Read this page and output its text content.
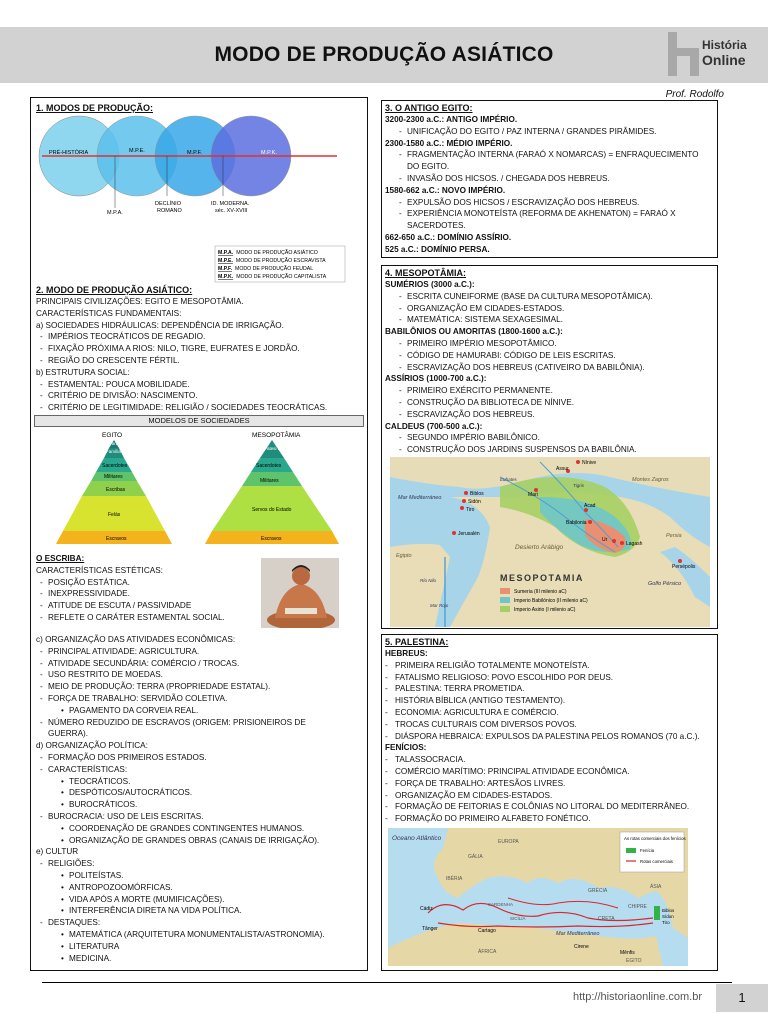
MODO DE PRODUÇÃO ASIÁTICO	História
Online
Prof. Rodolfo
1. MODOS DE PRODUÇÃO:
PRÉ-HISTÓRIA	M.P.E.	M.P.F.	M.P.K.
M.P.A.
DECLÍNIO
ROMANO
ID. MODERNA.
séc. XV-XVIII
M.P.A. MODO DE PRODUÇÃO ASIÁTICO
M.P.E. MODO DE PRODUÇÃO ESCRAVISTA
M.P.F. MODO DE PRODUÇÃO FEUDAL
M.P.K. MODO DE PRODUÇÃO CAPITALISTA
2. MODO DE PRODUÇÃO ASIÁTICO:
PRINCIPAIS CIVILIZAÇÕES: EGITO E MESOPOTÂMIA.
CARACTERÍSTICAS FUNDAMENTAIS:
a) SOCIEDADES HIDRÁULICAS: DEPENDÊNCIA DE IRRIGAÇÃO.
- IMPÉRIOS TEOCRÁTICOS DE REGADIO.
- FIXAÇÃO PRÓXIMA A RIOS: NILO, TIGRE, EUFRATES E JORDÃO.
- REGIÃO DO CRESCENTE FÉRTIL.
b) ESTRUTURA SOCIAL:
- ESTAMENTAL: POUCA MOBILIDADE.
- CRITÉRIO DE DIVISÃO: NASCIMENTO.
- CRITÉRIO DE LEGITIMIDADE: RELIGIÃO / SOCIEDADES TEOCRÁTICAS.
MODELOS DE SOCIEDADES
EGITO
Faraó
Família Real
Sacerdotes
Militares
Escribas
Felás
Escravos
MESOPOTÂMIA
Patesi Imperador
Sacerdotes
Militares
Servos do Estado
Escravos
O ESCRIBA:
CARACTERÍSTICAS ESTÉTICAS:
- POSIÇÃO ESTÁTICA.
- INEXPRESSIVIDADE.
- ATITUDE DE ESCUTA / PASSIVIDADE
- REFLETE O CARÁTER ESTAMENTAL SOCIAL.
c) ORGANIZAÇÃO DAS ATIVIDADES ECONÔMICAS:
- PRINCIPAL ATIVIDADE: AGRICULTURA.
- ATIVIDADE SECUNDÁRIA: COMÉRCIO / TROCAS.
- USO RESTRITO DE MOEDAS.
- MEIO DE PRODUÇÃO: TERRA (PROPRIEDADE ESTATAL).
- FORÇA DE TRABALHO: SERVIDÃO COLETIVA.
• PAGAMENTO DA CORVEIA REAL.
- NÚMERO REDUZIDO DE ESCRAVOS (ORIGEM: PRISIONEIROS DE GUERRA).
d) ORGANIZAÇÃO POLÍTICA:
- FORMAÇÃO DOS PRIMEIROS ESTADOS.
- CARACTERÍSTICAS:
• TEOCRÁTICOS.
• DESPÓTICOS/AUTOCRÁTICOS.
• BUROCRÁTICOS.
- BUROCRACIA: USO DE LEIS ESCRITAS.
• COORDENAÇÃO DE GRANDES CONTINGENTES HUMANOS.
• ORGANIZAÇÃO DE GRANDES OBRAS (CANAIS DE IRRIGAÇÃO).
e) CULTUR
- RELIGIÕES:
• POLITEÍSTAS.
• ANTROPOZOOMÓRFICAS.
• VIDA APÓS A MORTE (MUMIFICAÇÕES).
• INTERFERÊNCIA DIRETA NA VIDA POLÍTICA.
- DESTAQUES:
• MATEMÁTICA (ARQUITETURA MONUMENTALISTA/ASTRONOMIA).
• LITERATURA
• MEDICINA.
3. O ANTIGO EGITO:
3200-2300 a.C.: ANTIGO IMPÉRIO.
- UNIFICAÇÃO DO EGITO / PAZ INTERNA / GRANDES PIRÂMIDES.
2300-1580 a.C.: MÉDIO IMPÉRIO.
- FRAGMENTAÇÃO INTERNA (FARAÓ X NOMARCAS) = ENFRAQUECIMENTO DO EGITO.
- INVASÃO DOS HICSOS. / CHEGADA DOS HEBREUS.
1580-662 a.C.: NOVO IMPÉRIO.
- EXPULSÃO DOS HICSOS / ESCRAVIZAÇÃO DOS HEBREUS.
- EXPERIÊNCIA MONOTEÍSTA (REFORMA DE AKHENATON) = FARAÓ X SACERDOTES.
662-650 a.C.: DOMÍNIO ASSÍRIO.
525 a.C.: DOMÍNIO PERSA.
4. MESOPOTÂMIA:
SUMÉRIOS (3000 a.C.):
- ESCRITA CUNEIFORME (BASE DA CULTURA MESOPOTÂMICA).
- ORGANIZAÇÃO EM CIDADES-ESTADOS.
- MATEMÁTICA: SISTEMA SEXAGESIMAL.
BABILÔNIOS OU AMORITAS (1800-1600 a.C.):
- PRIMEIRO IMPÉRIO MESOPOTÂMICO.
- CÓDIGO DE HAMURABI: CÓDIGO DE LEIS ESCRITAS.
- ESCRAVIZAÇÃO DOS HEBREUS (CATIVEIRO DA BABILÔNIA).
ASSÍRIOS (1000-700 a.C.):
- PRIMEIRO EXÉRCITO PERMANENTE.
- CONSTRUÇÃO DA BIBLIOTECA DE NÍNIVE.
- ESCRAVIZAÇÃO DOS HEBREUS.
CALDEUS (700-500 a.C.):
- SEGUNDO IMPÉRIO BABILÔNICO.
- CONSTRUÇÃO DOS JARDINS SUSPENSOS DA BABILÔNIA.
Nínive
Assur
Mari
Biblos
Sidón
Tiro
Jerusalén
Acad
Babilonia
Ur
Lagash
Persépolis
Mar Mediterráneo
Desierto Arábigo
Egipto
Golfo Pérsico
Persia
Montes Zagros
Eufrates
Tigris
Mar Rojo
Río Nilo	MESOPOTAMIA
Sumeria (III milenio aC)
Imperio Babilónico (II milenio aC)
Imperio Asirio (I milenio aC)
5. PALESTINA:
HEBREUS:
- PRIMEIRA RELIGIÃO TOTALMENTE MONOTEÍSTA.
- FATALISMO RELIGIOSO: POVO ESCOLHIDO POR DEUS.
- PALESTINA: TERRA PROMETIDA.
- HISTÓRIA BÍBLICA (ANTIGO TESTAMENTO).
- ECONOMIA: AGRICULTURA E COMÉRCIO.
- TROCAS CULTURAIS COM DIVERSOS POVOS.
- DIÁSPORA HEBRAICA: EXPULSOS DA PALESTINA PELOS ROMANOS (70 a.C.).
FENÍCIOS:
- TALASSOCRACIA.
- COMÉRCIO MARÍTIMO: PRINCIPAL ATIVIDADE ECONÔMICA.
- FORÇA DE TRABALHO: ARTESÃOS LIVRES.
- ORGANIZAÇÃO EM CIDADES-ESTADOS.
- FORMAÇÃO DE FEITORIAS E COLÔNIAS NO LITORAL DO MEDITERRÂNEO.
- FORMAÇÃO DO PRIMEIRO ALFABETO FONÉTICO.
Oceano Atlântico	EUROPA
GÁLIA
IBÉRIA
Cádiz
Tânger	Cartago
ÁFRICA
Mar Mediterrâneo
GRÉCIA
ÁSIA
CRETA
CHIPRE
Cirene
Mênfis
EGITO
Biblos
Sídon
Tiro
SICÍLIA
SARDENHA
As rotas comerciais dos fenícios
Fenícia
Rotas comerciais
http://historiaonline.com.br	1
